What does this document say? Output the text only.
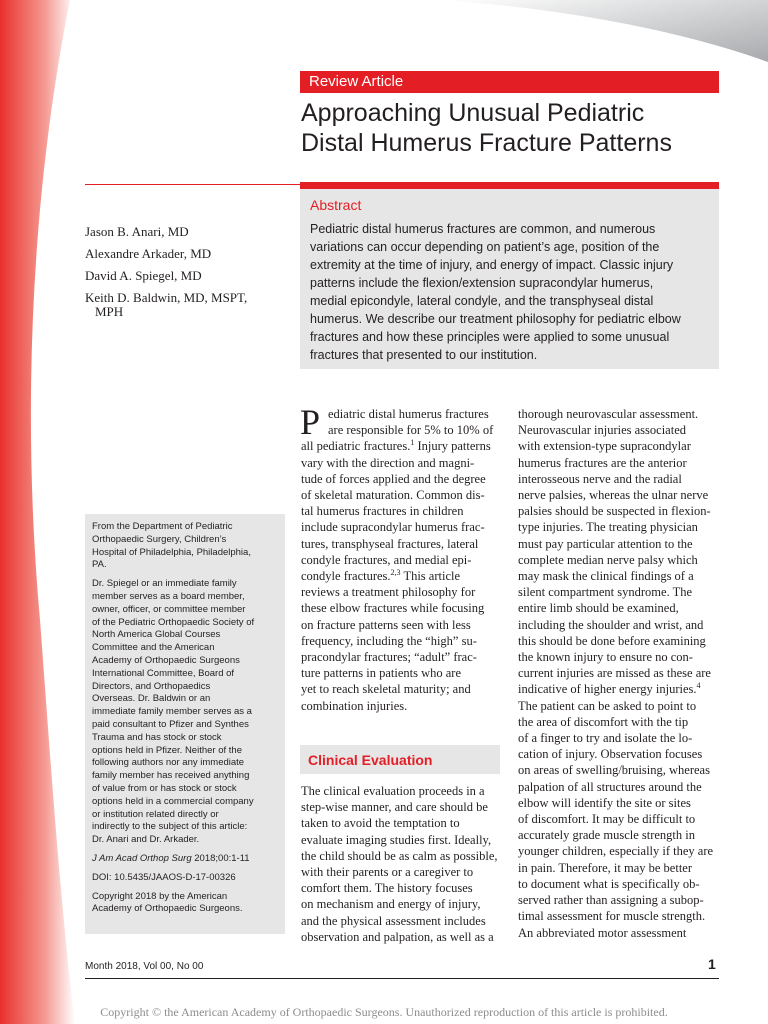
Review Article
Approaching Unusual Pediatric
Distal Humerus Fracture Patterns
Abstract
Pediatric distal humerus fractures are common, and numerous
variations can occur depending on patient’s age, position of the
extremity at the time of injury, and energy of impact. Classic injury
patterns include the flexion/extension supracondylar humerus,
medial epicondyle, lateral condyle, and the transphyseal distal
humerus. We describe our treatment philosophy for pediatric elbow
fractures and how these principles were applied to some unusual
fractures that presented to our institution.
Jason B. Anari, MD
Alexandre Arkader, MD
David A. Spiegel, MD
Keith D. Baldwin, MD, MSPT,
MPH
From the Department of Pediatric
Orthopaedic Surgery, Children’s
Hospital of Philadelphia, Philadelphia,
PA.
Dr. Spiegel or an immediate family
member serves as a board member,
owner, officer, or committee member
of the Pediatric Orthopaedic Society of
North America Global Courses
Committee and the American
Academy of Orthopaedic Surgeons
International Committee, Board of
Directors, and Orthopaedics
Overseas. Dr. Baldwin or an
immediate family member serves as a
paid consultant to Pfizer and Synthes
Trauma and has stock or stock
options held in Pfizer. Neither of the
following authors nor any immediate
family member has received anything
of value from or has stock or stock
options held in a commercial company
or institution related directly or
indirectly to the subject of this article:
Dr. Anari and Dr. Arkader.
J Am Acad Orthop Surg 2018;00:1-11
DOI: 10.5435/JAAOS-D-17-00326
Copyright 2018 by the American
Academy of Orthopaedic Surgeons.
P ediatric distal humerus fractures
are responsible for 5% to 10% of
all pediatric fractures.$^1$ Injury patterns
vary with the direction and magni-
tude of forces applied and the degree
of skeletal maturation. Common dis-
tal humerus fractures in children
include supracondylar humerus frac-
tures, transphyseal fractures, lateral
condyle fractures, and medial epi-
condyle fractures.$^{2,3}$ This article
reviews a treatment philosophy for
these elbow fractures while focusing
on fracture patterns seen with less
frequency, including the “high” su-
pracondylar fractures; “adult” frac-
ture patterns in patients who are
yet to reach skeletal maturity; and
combination injuries.
Clinical Evaluation
The clinical evaluation proceeds in a
step-wise manner, and care should be
taken to avoid the temptation to
evaluate imaging studies first. Ideally,
the child should be as calm as possible,
with their parents or a caregiver to
comfort them. The history focuses
on mechanism and energy of injury,
and the physical assessment includes
observation and palpation, as well as a
thorough neurovascular assessment.
Neurovascular injuries associated
with extension-type supracondylar
humerus fractures are the anterior
interosseous nerve and the radial
nerve palsies, whereas the ulnar nerve
palsies should be suspected in flexion-
type injuries. The treating physician
must pay particular attention to the
complete median nerve palsy which
may mask the clinical findings of a
silent compartment syndrome. The
entire limb should be examined,
including the shoulder and wrist, and
this should be done before examining
the known injury to ensure no con-
current injuries are missed as these are
indicative of higher energy injuries.$^4$
The patient can be asked to point to
the area of discomfort with the tip
of a finger to try and isolate the lo-
cation of injury. Observation focuses
on areas of swelling/bruising, whereas
palpation of all structures around the
elbow will identify the site or sites
of discomfort. It may be difficult to
accurately grade muscle strength in
younger children, especially if they are
in pain. Therefore, it may be better
to document what is specifically ob-
served rather than assigning a subop-
timal assessment for muscle strength.
An abbreviated motor assessment
Month 2018, Vol 00, No 00	1
Copyright © the American Academy of Orthopaedic Surgeons. Unauthorized reproduction of this article is prohibited.
